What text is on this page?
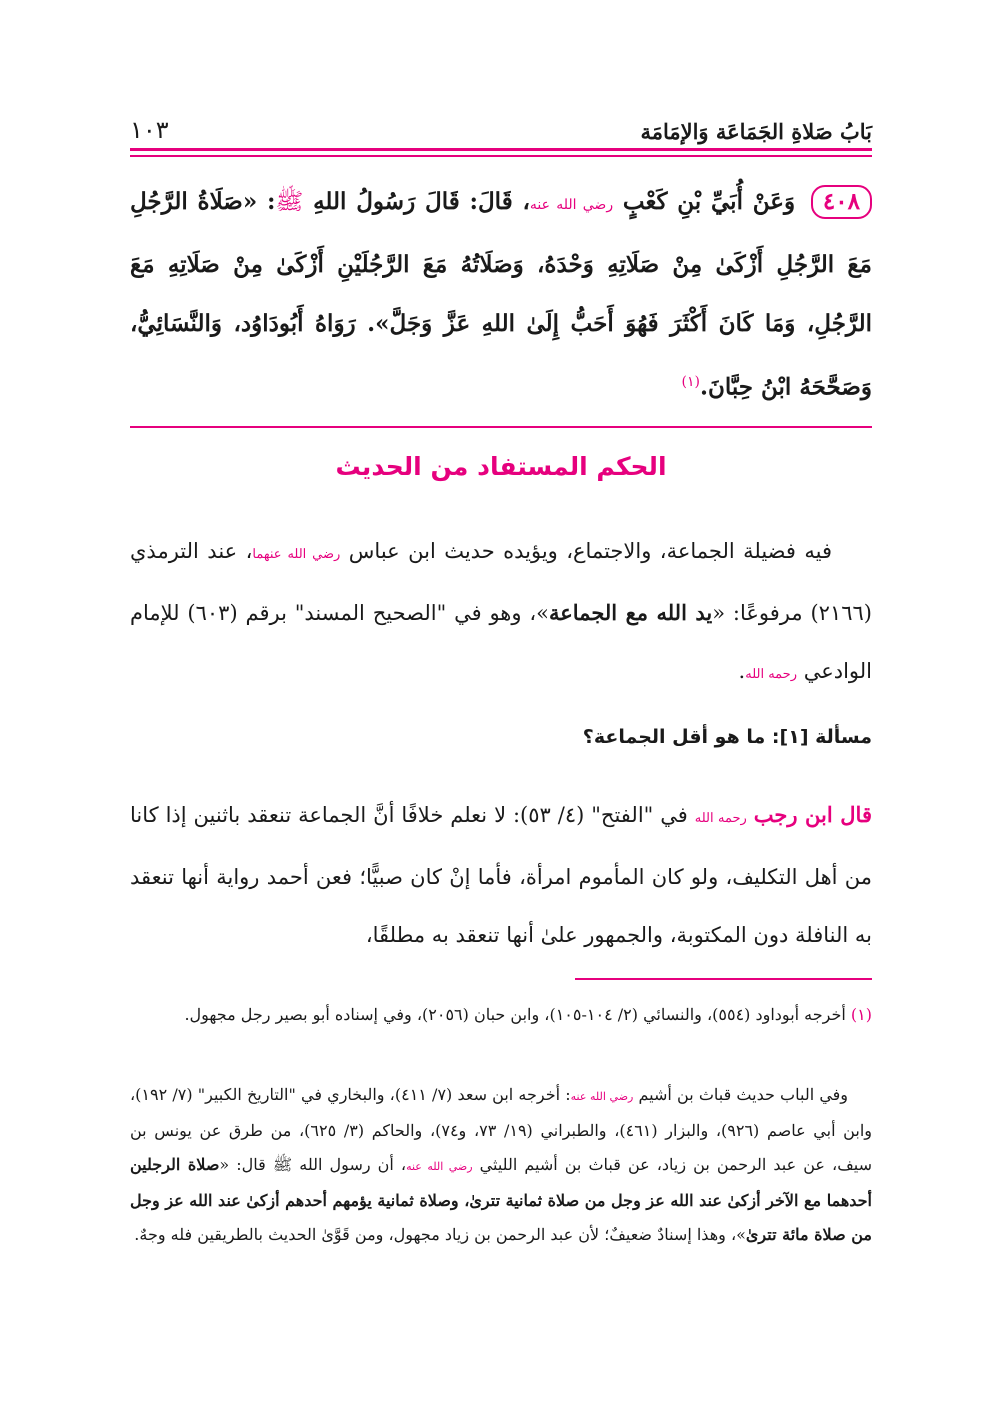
بَابُ صَلاةِ الجَمَاعَة وَالإمَامَة
١٠٣
٤٠٨ وَعَنْ أُبَيِّ بْنِ كَعْبٍ رضي الله عنه، قَالَ: قَالَ رَسُولُ اللهِ ﷺ: «صَلَاةُ الرَّجُلِ مَعَ الرَّجُلِ أَزْكَىٰ مِنْ صَلَاتِهِ وَحْدَهُ، وَصَلَاتُهُ مَعَ الرَّجُلَيْنِ أَزْكَىٰ مِنْ صَلَاتِهِ مَعَ الرَّجُلِ، وَمَا كَانَ أَكْثَرَ فَهُوَ أَحَبُّ إِلَىٰ اللهِ عَزَّ وَجَلَّ». رَوَاهُ أَبُودَاوُد، وَالنَّسَائِيُّ، وَصَحَّحَهُ ابْنُ حِبَّانَ.$^{(١)}$
الحكم المستفاد من الحديث
فيه فضيلة الجماعة، والاجتماع، ويؤيده حديث ابن عباس رضي الله عنهما، عند الترمذي (٢١٦٦) مرفوعًا: «يد الله مع الجماعة»، وهو في "الصحيح المسند" برقم (٦٠٣) للإمام الوادعي رحمه الله.
مسألة [١]: ما هو أقل الجماعة؟
قال ابن رجب رحمه الله في "الفتح" (٤/ ٥٣): لا نعلم خلافًا أنَّ الجماعة تنعقد باثنين إذا كانا من أهل التكليف، ولو كان المأموم امرأة، فأما إنْ كان صبيًّا؛ فعن أحمد رواية أنها تنعقد به النافلة دون المكتوبة، والجمهور علىٰ أنها تنعقد به مطلقًا،
(١) أخرجه أبوداود (٥٥٤)، والنسائي (٢/ ١٠٤-١٠٥)، وابن حبان (٢٠٥٦)، وفي إسناده أبو بصير رجل مجهول.
وفي الباب حديث قباث بن أشيم رضي الله عنه: أخرجه ابن سعد (٧/ ٤١١)، والبخاري في "التاريخ الكبير" (٧/ ١٩٢)، وابن أبي عاصم (٩٢٦)، والبزار (٤٦١)، والطبراني (١٩/ ٧٣، و٧٤)، والحاكم (٣/ ٦٢٥)، من طرق عن يونس بن سيف، عن عبد الرحمن بن زياد، عن قباث بن أشيم الليثي رضي الله عنه، أن رسول الله ﷺ قال: «صلاة الرجلين أحدهما مع الآخر أزكىٰ عند الله عز وجل من صلاة ثمانية تترىٰ، وصلاة ثمانية يؤمهم أحدهم أزكىٰ عند الله عز وجل من صلاة مائة تترىٰ»، وهذا إسنادٌ ضعيفٌ؛ لأن عبد الرحمن بن زياد مجهول، ومن قَوَّىٰ الحديث بالطريقين فله وجهٌ.
